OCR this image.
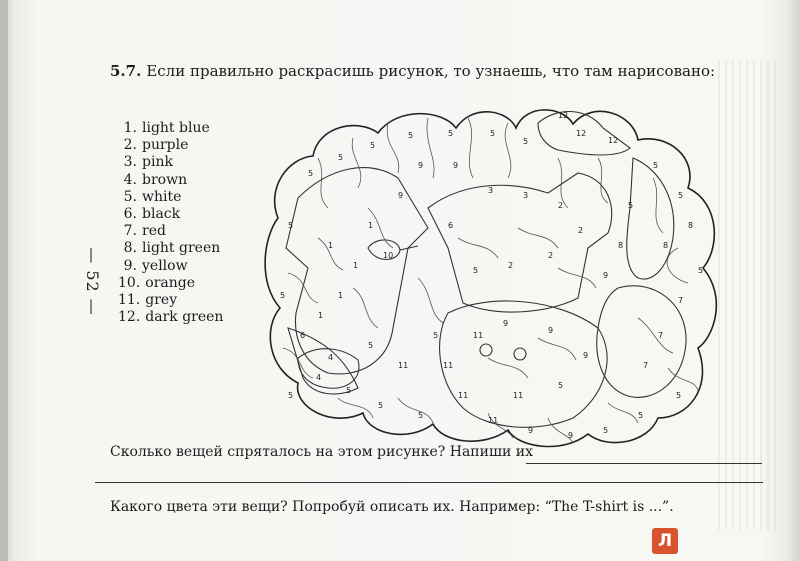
— 52 —
5.7. Если правильно раскрасишь рисунок, то узнаешь, что там нарисовано:
1. light blue
2. purple
3. pink
4. brown
5. white
6. black
7. red
8. light green
9. yellow
10. orange
11. grey
12. dark green
5
5
5
5	5	5
5
12
12
12
5
5
8
8
5
7
7
7
5
5
5
9
9
11
11
11
11
9
9
9
5
11
5
5
5
4
4
6
1
1
1
1
1
9
9	9
3
3
2
2
2
2
5
6
5
5
5
8
5
9
10
5
11
5
Сколько вещей спряталось на этом рисунке? Напиши их
Какого цвета эти вещи? Попробуй описать их. Например: “The T-shirt is ...”.
Л
